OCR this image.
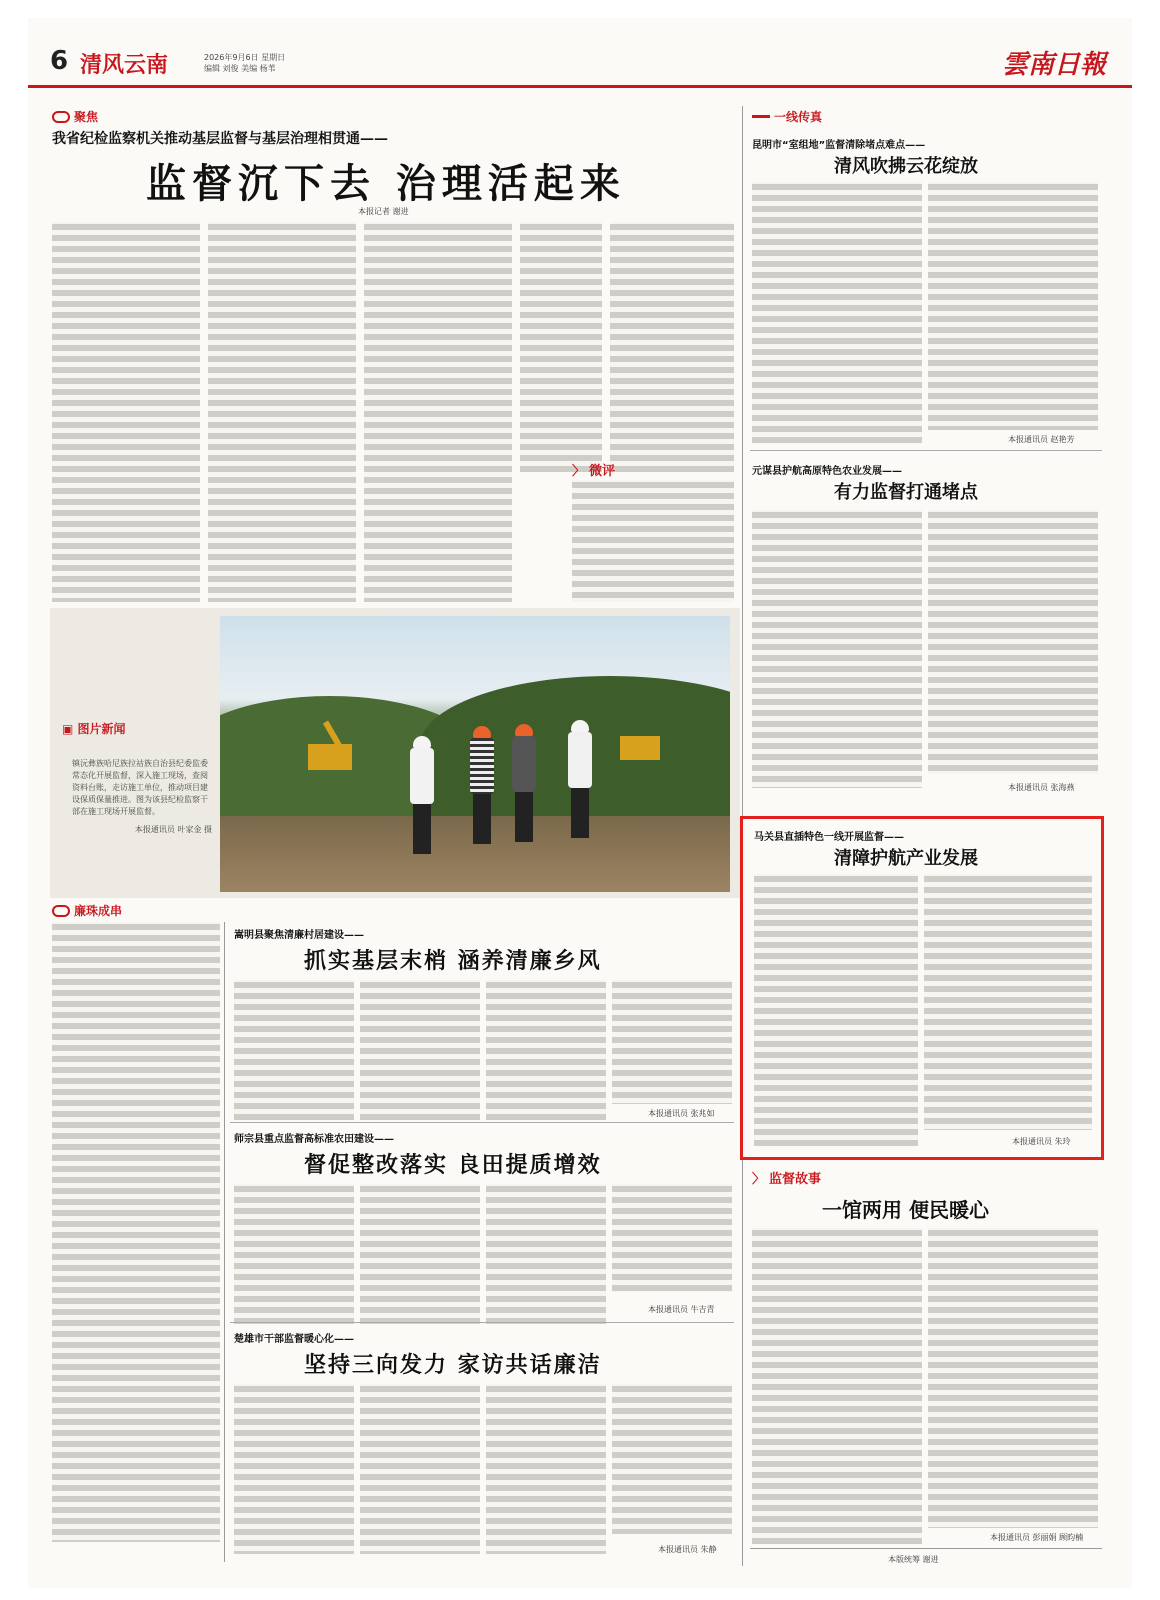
6 清风云南	2026年9月6日 星期日
编辑 刘俊 美编 杨苇	雲南日報
聚焦
我省纪检监察机关推动基层监督与基层治理相贯通——
监督沉下去 治理活起来
本报记者 谢进
〉 微评
▣ 图片新闻
镇沅彝族哈尼族拉祜族自治县纪委监委常态化开展监督，深入施工现场，查阅资料台账，走访施工单位，推动项目建设保质保量推进。图为该县纪检监察干部在施工现场开展监督。
本报通讯员 叶家金 摄
廉珠成串
嵩明县聚焦清廉村居建设——
抓实基层末梢 涵养清廉乡风
本报通讯员 张兆如
师宗县重点监督高标准农田建设——
督促整改落实 良田提质增效
本报通讯员 牛吉青
楚雄市干部监督暖心化——
坚持三向发力 家访共话廉洁
本报通讯员 朱静
一线传真
昆明市“室组地”监督清除堵点难点——
清风吹拂云花绽放
本报通讯员 赵艳芳
元谋县护航高原特色农业发展——
有力监督打通堵点
本报通讯员 张海燕
马关县直插特色一线开展监督——
清障护航产业发展
本报通讯员 朱玲
〉 监督故事
一馆两用 便民暖心
本报通讯员 彭丽娟 顾昀楠
本版统筹 谢进
